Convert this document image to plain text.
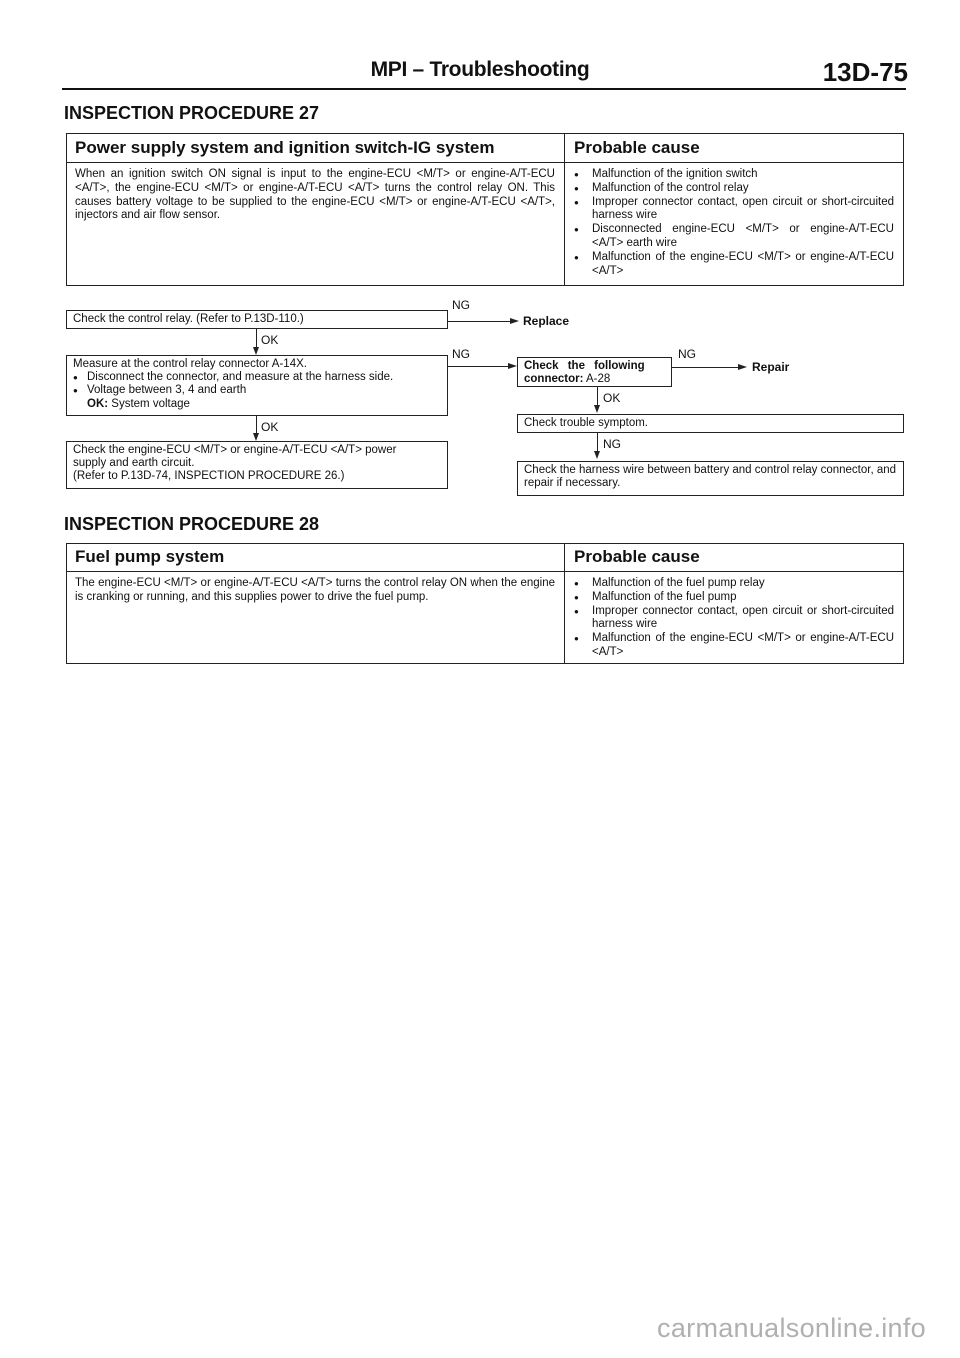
MPI – Troubleshooting	13D-75
INSPECTION PROCEDURE 27
Power supply system and ignition switch-IG system	Probable cause
When an ignition switch ON signal is input to the engine-ECU <M/T> or engine-A/T-ECU <A/T>, the engine-ECU <M/T> or engine-A/T-ECU <A/T> turns the control relay ON. This causes battery voltage to be supplied to the engine-ECU <M/T> or engine-A/T-ECU <A/T>, injectors and air flow sensor.
● Malfunction of the ignition switch
● Malfunction of the control relay
● Improper connector contact, open circuit or short-circuited harness wire
● Disconnected engine-ECU <M/T> or engine-A/T-ECU <A/T> earth wire
● Malfunction of the engine-ECU <M/T> or engine-A/T-ECU <A/T>
Check the control relay. (Refer to P.13D-110.)
NG
Replace
OK
Measure at the control relay connector A-14X.
● Disconnect the connector, and measure at the harness side.
● Voltage between 3, 4 and earth
OK: System voltage
NG
Check the following
connector: A-28
NG
Repair
OK
OK	Check trouble symptom.
Check the engine-ECU <M/T> or engine-A/T-ECU <A/T> power
supply and earth circuit.
(Refer to P.13D-74, INSPECTION PROCEDURE 26.)
NG
Check the harness wire between battery and control relay connector, and repair if necessary.
INSPECTION PROCEDURE 28
Fuel pump system	Probable cause
The engine-ECU <M/T> or engine-A/T-ECU <A/T> turns the control relay ON when the engine is cranking or running, and this supplies power to drive the fuel pump.
● Malfunction of the fuel pump relay
● Malfunction of the fuel pump
● Improper connector contact, open circuit or short-circuited harness wire
● Malfunction of the engine-ECU <M/T> or engine-A/T-ECU <A/T>
carmanualsonline.info
